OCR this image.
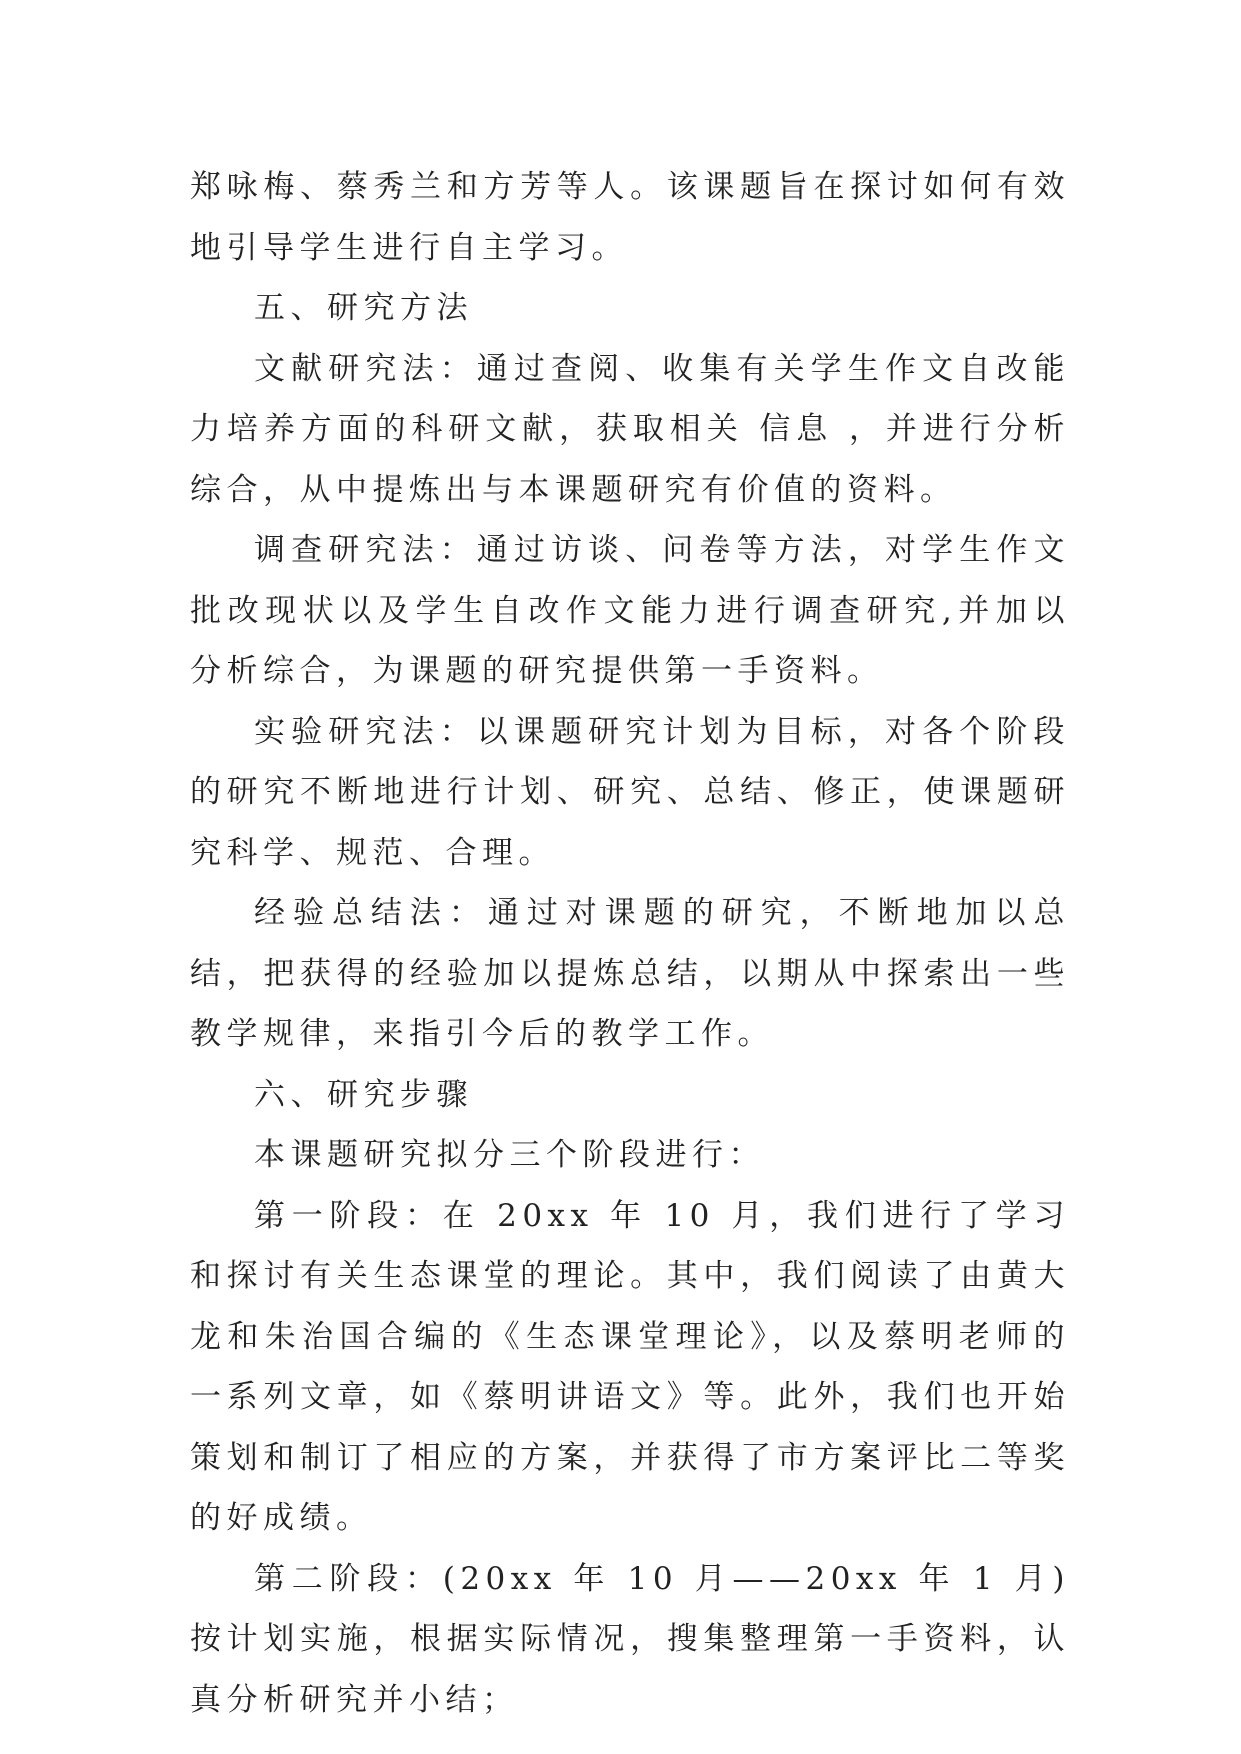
郑咏梅、蔡秀兰和方芳等人。该课题旨在探讨如何有效地引导学生进行自主学习。

五、研究方法

文献研究法：通过查阅、收集有关学生作文自改能力培养方面的科研文献，获取相关 信息 ，并进行分析综合，从中提炼出与本课题研究有价值的资料。

调查研究法：通过访谈、问卷等方法，对学生作文批改现状以及学生自改作文能力进行调查研究,并加以分析综合，为课题的研究提供第一手资料。

实验研究法：以课题研究计划为目标，对各个阶段的研究不断地进行计划、研究、总结、修正，使课题研究科学、规范、合理。

经验总结法：通过对课题的研究，不断地加以总结，把获得的经验加以提炼总结，以期从中探索出一些教学规律，来指引今后的教学工作。

六、研究步骤

本课题研究拟分三个阶段进行：

第一阶段：在 20xx 年 10 月，我们进行了学习和探讨有关生态课堂的理论。其中，我们阅读了由黄大龙和朱治国合编的《生态课堂理论》，以及蔡明老师的一系列文章，如《蔡明讲语文》等。此外，我们也开始策划和制订了相应的方案，并获得了市方案评比二等奖的好成绩。

第二阶段：(20xx 年 10 月——20xx 年 1 月)按计划实施，根据实际情况，搜集整理第一手资料，认真分析研究并小结；
